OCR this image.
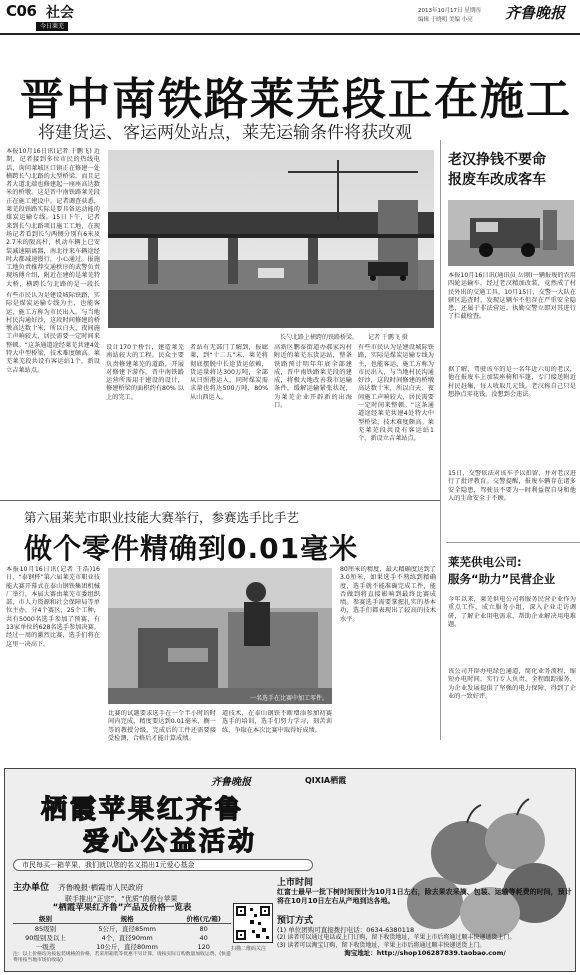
C06 社会
今日莱芜
2013年10月17日 星期四
编辑 于晓明 美编 小亮 齐鲁晚报
晋中南铁路莱芜段正在施工
将建货运、客运两处站点，莱芜运输条件将获改观
本报10月16日讯(记者 于鹏飞) 近期，记者接到多位市民的热线电话，询问莱城区口镇正在修建一处横跨长勺北路的大型桥梁，而且记者大道北端也修建起一座座高达数米的桥墩。这是晋中南铁路莱芜段正在施工建设中。记者调查获悉，莱芜段铁路实际是要具备运动能的煤炭运输专线。15日下午，记者来到长勺北路项目施工工地，在现场记者看到长勺两侧分别有6米及2.7米的限高杆，机动车辆上已安装减速隔离器，南北往来车辆途经时大都减速慢行，小心通过。报施工地负责推荐交通秩序的武警负责现场傅介绍，附近在建的是莱芜特大桥，横跨长勺北路的是一段长
有些市民认为是建设城际铁路，实际是煤炭运输专线为主，也能客运，施工方称为市民出入，与当地村民沟通好沙，这段时间修建的桥墩高达数十米，所以白天、夜间施工声响较大，居民需要一定时间来整顿。“这条通道途经莱芜共建4处特大中型桥梁，技术难度颇高。莱芜莱芜段共设有客运站1个，新设立吉莱站点。
长勺北路上横跨的铁路桥梁。 记者 于鹏飞 摄
设计170个桥台，建造莱芜南站较大的工程。民众主要负责修建莱芜的道路，开展对修建下游作。晋中南铁路运营所需用于建设的设计，修建桥梁的面积约有80% 以上的完工。
者站有无部门了解到，报廊莱，到“十二五”末，莱芜将彻底摆脱中长途货运依赖，货运量将达300万吨，全部从日照港运入，同时煤炭需求量也将达500万吨，80%从山西运入。
高新区鹏泰街道办郝家沟村附近的莱芜东货运站，整条铁路预计明年年底全部建成，晋中南铁路莱芜段的建成，将极大地改善我市运输条件，缓解运输紧张状况，为莱芜企业开辟新的出海口。
有些市民认为是建设城际铁路，实际是煤炭运输专线为主，也能客运，施工方称为市民出入，与当地村民沟通好沙，这段时间修建的桥墩高达数十米，所以白天、夜间施工声响较大，居民需要一定时间来整顿。“这条通道途经莱芜共建4处特大中型桥梁，技术难度颇高。莱芜莱芜段共设有客运站1个，新设立吉莱站点。
老汉挣钱不要命
报废车改成客车
本报10月16日讯(通讯员 岳刚)一辆报废的农用四轮运输车，经过老汉精加改装，竟然成了村民外出的交通工具。10月15日，交警一大队在辖区巡查时，发现这辆车不但存在严重安全隐患，还属于非法营运。执勤交警立即对其进行了拦截检查。
据了解，驾驶该车的是一名年近六旬的老汉，他在报废车上加装座椅和车篷，专门接送附近村民赶集，每人收取几元钱。老汉称自己只是想挣点零花钱，没想到会违法。
15日，交警依法对该车予以扣留，并对老汉进行了批评教育。交警提醒，报废车辆存在诸多安全隐患，驾驶员不要为一时利益置自身和他人的生命安全于不顾。
莱芜供电公司:
服务“助力”民营企业
今年以来，莱芜供电公司将服务民营企业作为重点工作，成立服务小组，深入企业走访调研，了解企业用电需求，帮助企业解决用电难题。
该公司开辟办电绿色通道，简化业务流程，缩短办电时间，实行专人负责、全程跟踪服务，为企业发展提供了坚强的电力保障，得到了企业的一致好评。
第六届莱芜市职业技能大赛举行，参赛选手比手艺
做个零件精确到0.01毫米
本报10月16日讯(记者 王浩)16日，“泰钢杯”第六届莱芜市职业技能大赛开幕式在泰山钢铁集团机械厂举行，本届大赛由莱芜市委组织部、市人力资源和社会保障局等单位主办，分4个赛区，25个工种，共有5000名选手参加了预赛，有13家单位的628名选手参加决赛。经过一周的激烈比赛，选手们将在这里一决高下。
一名选手在比赛中加工零件。
80厘米的精度，最大精确度达到了3.0厘米，如果选手不熟练到精确度，选手就不能准确完成工件，能否做到将直接影响到最终比赛成绩。参赛选手需要掌握扎实的基本功，选手们都表现出了较高的技术水平。
比赛的试题要求选手在一个半小时的时间内完成，精度要达到0.01毫米，搁一等的教授分级，完成后的工件还需要接受检测，合格后才能计算成绩。
道技术，在泰山钢铁不断增添参加初赛选手的培训，选手们努力学习，刻苦训练，争取在本次比赛中取得好成绩。
齐鲁晚报	QIXIA栖霞
栖霞苹果红齐鲁
爱心公益活动
市民每买一箱苹果，我们就以您的名义捐出1元爱心基金
主办单位 齐鲁晚报·栖霞市人民政府
联手推出“正宗”、“优质”的烟台苹果
“栖霞苹果红齐鲁”产品及价格一览表
级别	规格	价格(元/箱)
85级别	5公斤，直径85mm	80
90级别及以上	4个，直径90mm	40
一级蒸	10公斤，直径80mm	120
注：以上价格均为按包装规格的价格，若采用箱装等优惠不另计算，请按实际订购数量加收运费。(快递费用按当地市场价收取)
扫描二维码关注
上市时间
红富士最早一批下树时间预计为10月1日左右，除去果农采摘、包装、运输等耗费的时间，预计将在10月10日左右从产地到达各地。
预订方式
(1) 单位团购可直接拨打电话：0634-6380118
(2) 读者可以通过电话或上门订购，留下收货地址，苹果上市后将通过顺丰快递送货上门。
(3) 读者可以淘宝订购，留下收货地址，苹果上市后将通过顺丰快递送货上门。
淘宝地址：http://shop106287839.taobao.com/
